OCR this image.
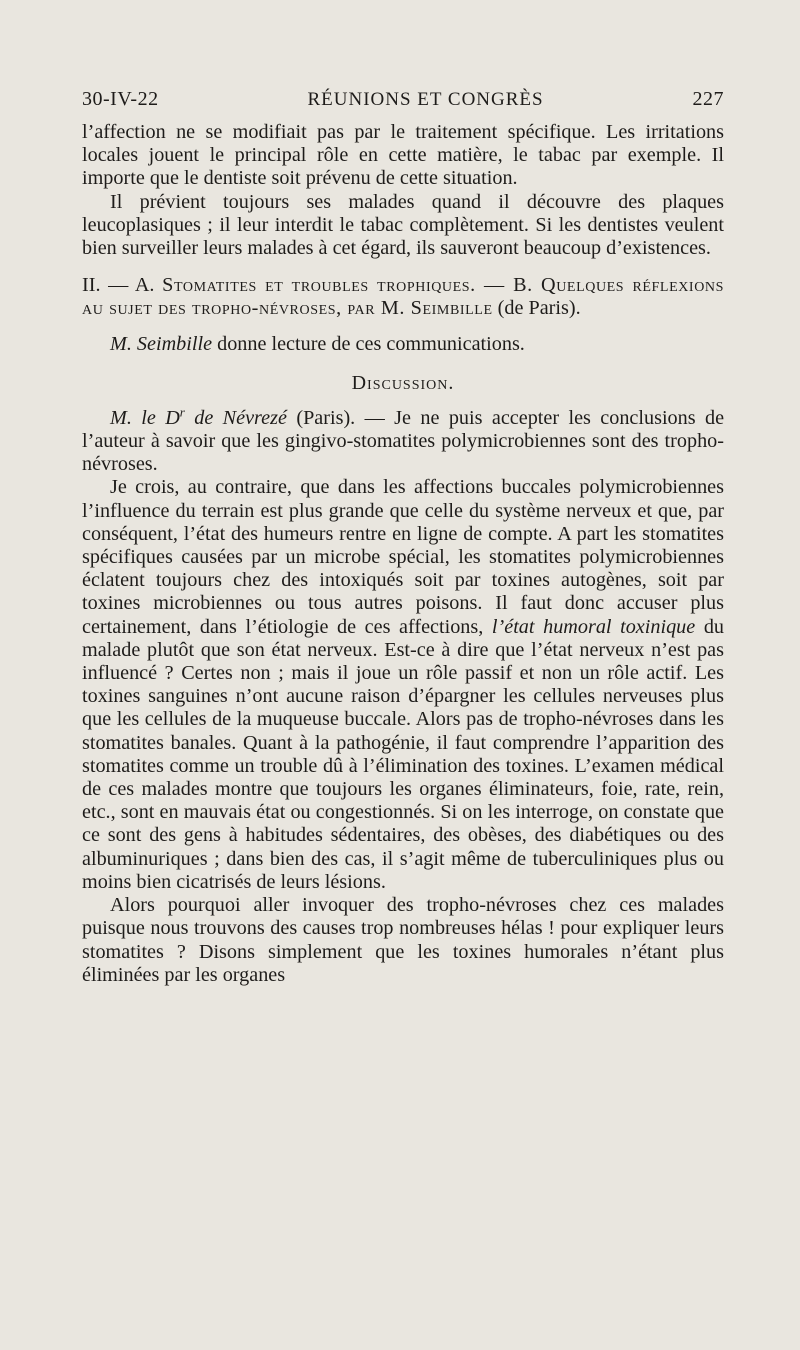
30-IV-22	RÉUNIONS ET CONGRÈS	227

l’affection ne se modifiait pas par le traitement spécifique. Les irritations locales jouent le principal rôle en cette matière, le tabac par exemple. Il importe que le dentiste soit prévenu de cette situation.

Il prévient toujours ses malades quand il découvre des plaques leucoplasiques ; il leur interdit le tabac complètement. Si les dentistes veulent bien surveiller leurs malades à cet égard, ils sauveront beaucoup d’existences.

II. — A. Stomatites et troubles trophiques. — B. Quelques réflexions au sujet des tropho-névroses, par M. Seimbille (de Paris).

M. Seimbille donne lecture de ces communications.

Discussion.

M. le $D^r$ de Névrezé (Paris). — Je ne puis accepter les conclusions de l’auteur à savoir que les gingivo-stomatites polymicrobiennes sont des tropho-névroses.

Je crois, au contraire, que dans les affections buccales polymicrobiennes l’influence du terrain est plus grande que celle du système nerveux et que, par conséquent, l’état des humeurs rentre en ligne de compte. A part les stomatites spécifiques causées par un microbe spécial, les stomatites polymicrobiennes éclatent toujours chez des intoxiqués soit par toxines autogènes, soit par toxines microbiennes ou tous autres poisons. Il faut donc accuser plus certainement, dans l’étiologie de ces affections, l’état humoral toxinique du malade plutôt que son état nerveux. Est-ce à dire que l’état nerveux n’est pas influencé ? Certes non ; mais il joue un rôle passif et non un rôle actif. Les toxines sanguines n’ont aucune raison d’épargner les cellules nerveuses plus que les cellules de la muqueuse buccale. Alors pas de tropho-névroses dans les stomatites banales. Quant à la pathogénie, il faut comprendre l’apparition des stomatites comme un trouble dû à l’élimination des toxines. L’examen médical de ces malades montre que toujours les organes éliminateurs, foie, rate, rein, etc., sont en mauvais état ou congestionnés. Si on les interroge, on constate que ce sont des gens à habitudes sédentaires, des obèses, des diabétiques ou des albuminuriques ; dans bien des cas, il s’agit même de tuberculiniques plus ou moins bien cicatrisés de leurs lésions.

Alors pourquoi aller invoquer des tropho-névroses chez ces malades puisque nous trouvons des causes trop nombreuses hélas ! pour expliquer leurs stomatites ? Disons simplement que les toxines humorales n’étant plus éliminées par les organes
